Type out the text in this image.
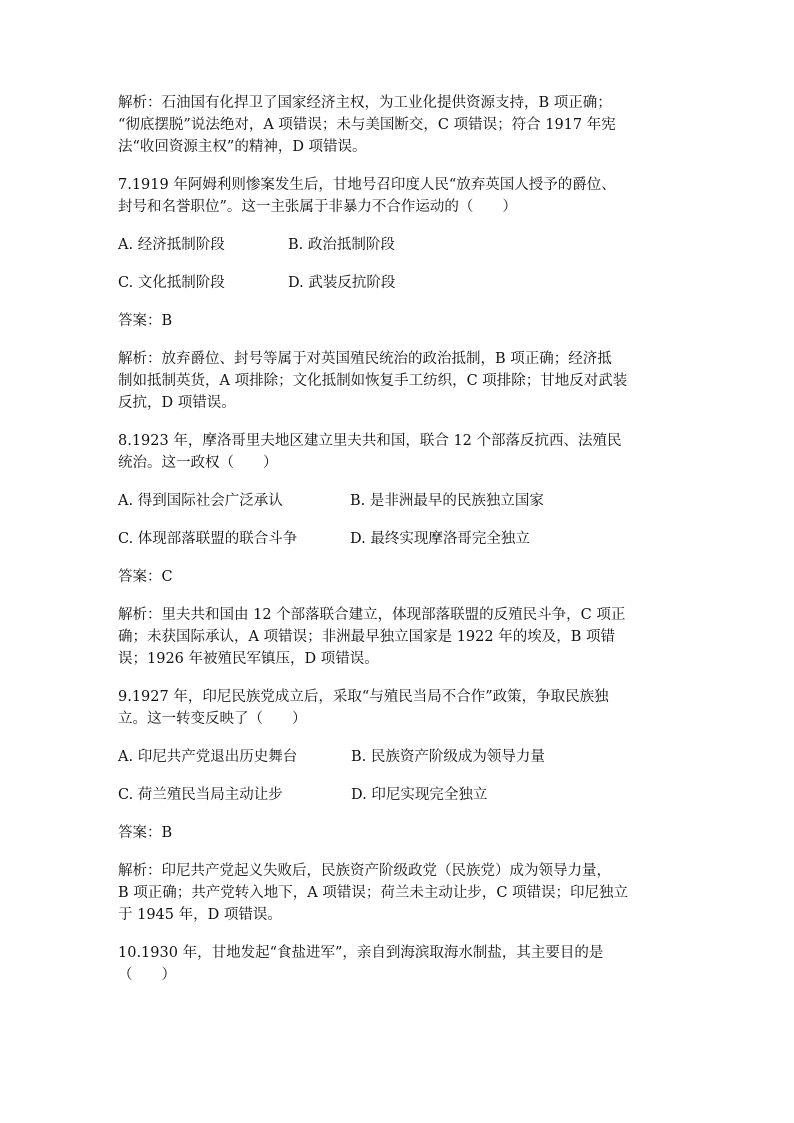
解析：石油国有化捍卫了国家经济主权，为工业化提供资源支持，B 项正确；
“彻底摆脱”说法绝对，A 项错误；未与美国断交，C 项错误；符合 1917 年宪
法“收回资源主权”的精神，D 项错误。

7.1919 年阿姆利则惨案发生后，甘地号召印度人民“放弃英国人授予的爵位、
封号和名誉职位”。这一主张属于非暴力不合作运动的（　　）

A. 经济抵制阶段	B. 政治抵制阶段
C. 文化抵制阶段	D. 武装反抗阶段

答案：B

解析：放弃爵位、封号等属于对英国殖民统治的政治抵制，B 项正确；经济抵
制如抵制英货，A 项排除；文化抵制如恢复手工纺织，C 项排除；甘地反对武装
反抗，D 项错误。

8.1923 年，摩洛哥里夫地区建立里夫共和国，联合 12 个部落反抗西、法殖民
统治。这一政权（　　）

A. 得到国际社会广泛承认	B. 是非洲最早的民族独立国家
C. 体现部落联盟的联合斗争	D. 最终实现摩洛哥完全独立

答案：C

解析：里夫共和国由 12 个部落联合建立，体现部落联盟的反殖民斗争，C 项正
确；未获国际承认，A 项错误；非洲最早独立国家是 1922 年的埃及，B 项错
误；1926 年被殖民军镇压，D 项错误。

9.1927 年，印尼民族党成立后，采取“与殖民当局不合作”政策，争取民族独
立。这一转变反映了（　　）

A. 印尼共产党退出历史舞台	B. 民族资产阶级成为领导力量
C. 荷兰殖民当局主动让步	D. 印尼实现完全独立

答案：B

解析：印尼共产党起义失败后，民族资产阶级政党（民族党）成为领导力量，
B 项正确；共产党转入地下，A 项错误；荷兰未主动让步，C 项错误；印尼独立
于 1945 年，D 项错误。

10.1930 年，甘地发起“食盐进军”，亲自到海滨取海水制盐，其主要目的是
（　　）
